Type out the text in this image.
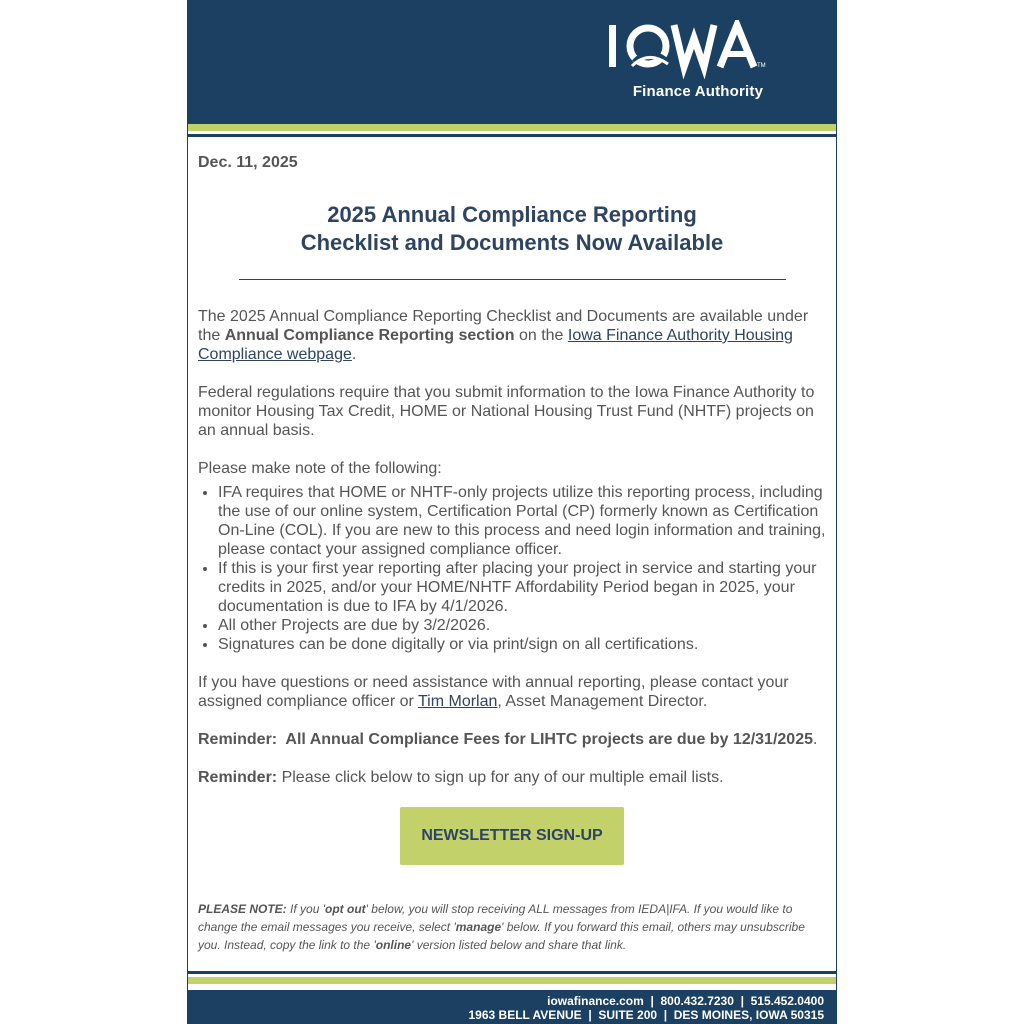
TM
Finance Authority
Dec. 11, 2025
2025 Annual Compliance Reporting
Checklist and Documents Now Available

The 2025 Annual Compliance Reporting Checklist and Documents are available under the Annual Compliance Reporting section on the Iowa Finance Authority Housing Compliance webpage.

Federal regulations require that you submit information to the Iowa Finance Authority to monitor Housing Tax Credit, HOME or National Housing Trust Fund (NHTF) projects on an annual basis.

Please make note of the following:

• IFA requires that HOME or NHTF-only projects utilize this reporting process, including the use of our online system, Certification Portal (CP) formerly known as Certification On-Line (COL). If you are new to this process and need login information and training, please contact your assigned compliance officer.
• If this is your first year reporting after placing your project in service and starting your credits in 2025, and/or your HOME/NHTF Affordability Period began in 2025, your documentation is due to IFA by 4/1/2026.
• All other Projects are due by 3/2/2026.
• Signatures can be done digitally or via print/sign on all certifications.

If you have questions or need assistance with annual reporting, please contact your assigned compliance officer or Tim Morlan, Asset Management Director.

Reminder:  All Annual Compliance Fees for LIHTC projects are due by 12/31/2025.

Reminder: Please click below to sign up for any of our multiple email lists.

NEWSLETTER SIGN-UP
PLEASE NOTE: If you 'opt out' below, you will stop receiving ALL messages from IEDA|IFA. If you would like to change the email messages you receive, select 'manage' below. If you forward this email, others may unsubscribe you. Instead, copy the link to the 'online' version listed below and share that link.
iowafinance.com  |  800.432.7230  |  515.452.0400
1963 BELL AVENUE  |  SUITE 200  |  DES MOINES, IOWA 50315
